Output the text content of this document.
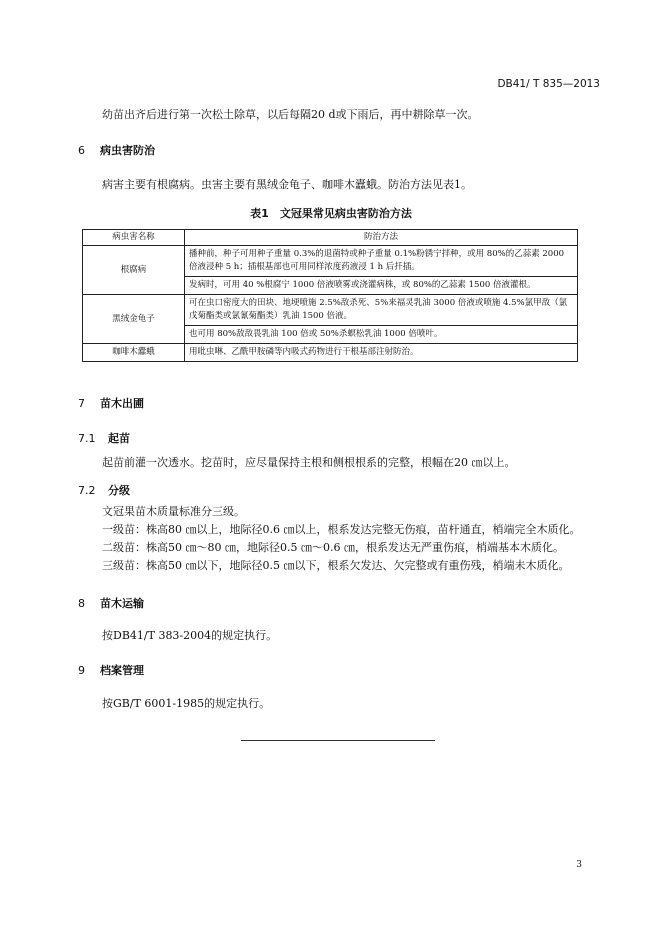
DB41/ T 835—2013
幼苗出齐后进行第一次松土除草，以后每隔20 d或下雨后，再中耕除草一次。
6 病虫害防治
病害主要有根腐病。虫害主要有黑绒金龟子、咖啡木蠹蛾。防治方法见表1。
表1　文冠果常见病虫害防治方法
病虫害名称	防治方法
根腐病	播种前，种子可用种子重量 0.3%的退菌特或种子重量 0.1%粉锈宁拌种，或用 80%的乙蒜素 2000
倍液浸种 5 h；插根基部也可用同样浓度药液浸 1 h 后扦插。

	发病时，可用 40 %根腐宁 1000 倍液喷雾或浇灌病株，或 80%的乙蒜素 1500 倍液灌根。

黑绒金龟子	可在虫口密度大的田块、地埂喷施 2.5%敌杀死、5%来福灵乳油 3000 倍液或喷施 4.5%氯甲敌（氯
戊菊酯类或氯氰菊酯类）乳油 1500 倍液。

	也可用 80%敌敌畏乳油 100 倍或 50%杀螟松乳油 1000 倍喷叶。

咖啡木蠹蛾	用吡虫啉、乙酰甲胺磷等内吸式药物进行干根基部注射防治。
7 苗木出圃
7.1 起苗
起苗前灌一次透水。挖苗时，应尽量保持主根和侧根根系的完整，根幅在20 ㎝以上。
7.2 分级
文冠果苗木质量标准分三级。
一级苗：株高80 ㎝以上，地际径0.6 ㎝以上，根系发达完整无伤痕，苗杆通直，梢端完全木质化。
二级苗：株高50 ㎝～80 ㎝，地际径0.5 ㎝～0.6 ㎝，根系发达无严重伤痕，梢端基本木质化。
三级苗：株高50 ㎝以下，地际径0.5 ㎝以下，根系欠发达、欠完整或有重伤残，梢端未木质化。
8 苗木运输
按DB41/T 383-2004的规定执行。
9 档案管理
按GB/T 6001-1985的规定执行。
3
